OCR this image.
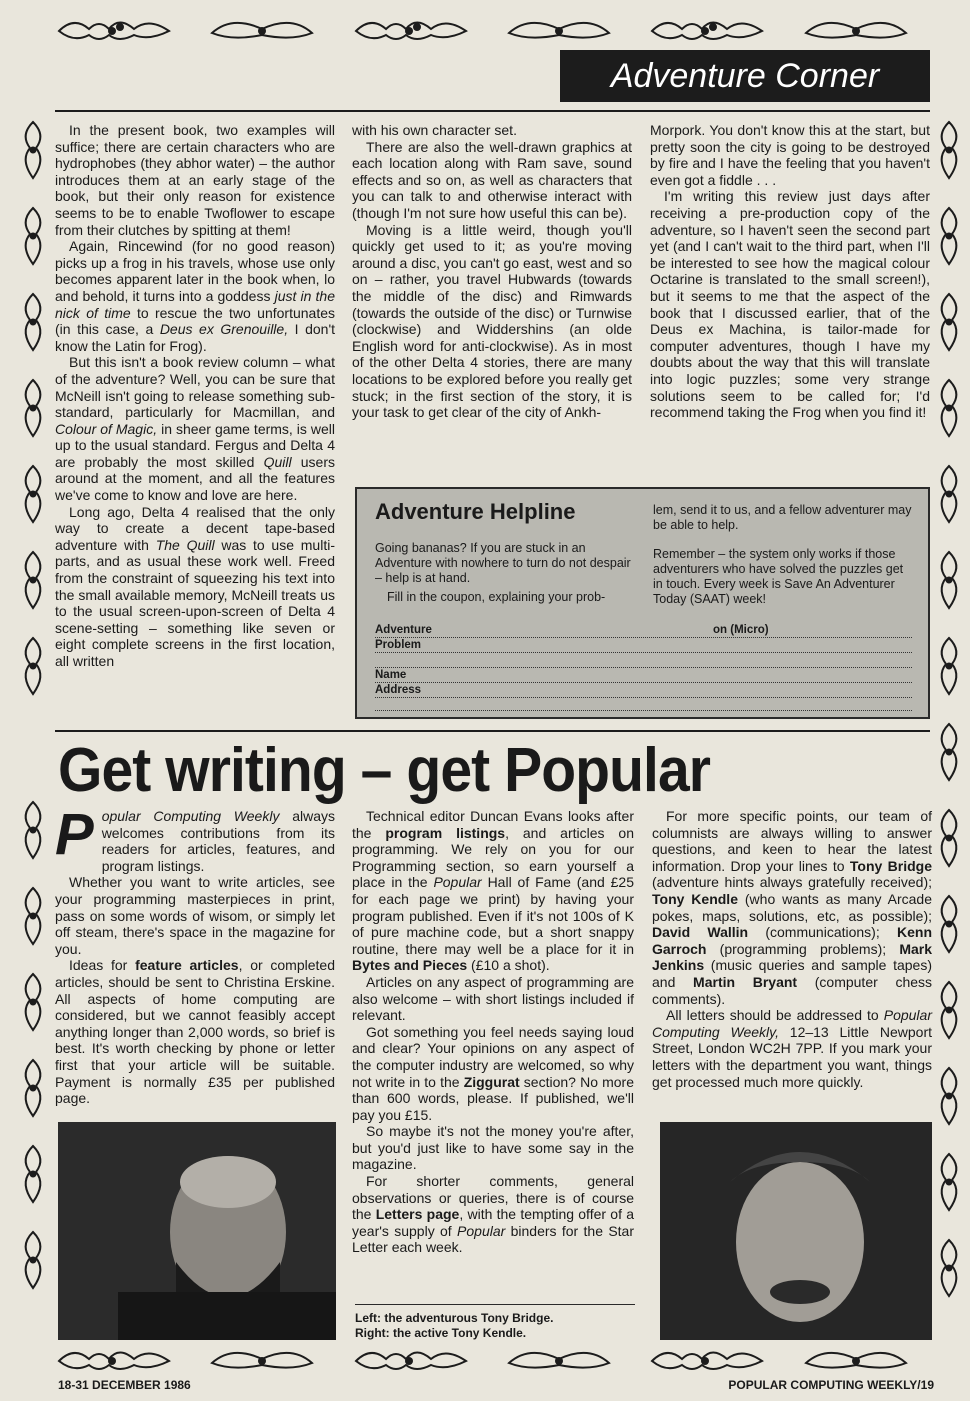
Adventure Corner

In the present book, two examples will suffice; there are certain characters who are hydrophobes (they abhor water) – the author introduces them at an early stage of the book, but their only reason for existence seems to be to enable Twoflower to escape from their clutches by spitting at them!

Again, Rincewind (for no good reason) picks up a frog in his travels, whose use only becomes apparent later in the book when, lo and behold, it turns into a goddess just in the nick of time to rescue the two unfortunates (in this case, a Deus ex Grenouille, I don't know the Latin for Frog).

But this isn't a book review column – what of the adventure? Well, you can be sure that McNeill isn't going to release something sub-standard, particularly for Macmillan, and Colour of Magic, in sheer game terms, is well up to the usual standard. Fergus and Delta 4 are probably the most skilled Quill users around at the moment, and all the features we've come to know and love are here.

Long ago, Delta 4 realised that the only way to create a decent tape-based adventure with The Quill was to use multi-parts, and as usual these work well. Freed from the constraint of squeezing his text into the small available memory, McNeill treats us to the usual screen-upon-screen of Delta 4 scene-setting – something like seven or eight complete screens in the first location, all written

with his own character set.

There are also the well-drawn graphics at each location along with Ram save, sound effects and so on, as well as characters that you can talk to and otherwise interact with (though I'm not sure how useful this can be).

Moving is a little weird, though you'll quickly get used to it; as you're moving around a disc, you can't go east, west and so on – rather, you travel Hubwards (towards the middle of the disc) and Rimwards (towards the outside of the disc) or Turnwise (clockwise) and Widdershins (an olde English word for anti-clockwise). As in most of the other Delta 4 stories, there are many locations to be explored before you really get stuck; in the first section of the story, it is your task to get clear of the city of Ankh-

Morpork. You don't know this at the start, but pretty soon the city is going to be destroyed by fire and I have the feeling that you haven't even got a fiddle . . .

I'm writing this review just days after receiving a pre-production copy of the adventure, so I haven't seen the second part yet (and I can't wait to the third part, when I'll be interested to see how the magical colour Octarine is translated to the small screen!), but it seems to me that the aspect of the book that I discussed earlier, that of the Deus ex Machina, is tailor-made for computer adventures, though I have my doubts about the way that this will translate into logic puzzles; some very strange solutions seem to be called for; I'd recommend taking the Frog when you find it!

Adventure Helpline

Going bananas? If you are stuck in an Adventure with nowhere to turn do not despair – help is at hand.

Fill in the coupon, explaining your prob-

lem, send it to us, and a fellow adventurer may be able to help.

Remember – the system only works if those adventurers who have solved the puzzles get in touch. Every week is Save An Adventurer Today (SAAT) week!

Adventure	on (Micro)
Problem
Name
Address
Get writing – get Popular

Popular Computing Weekly always welcomes contributions from its readers for articles, features, and program listings.

Whether you want to write articles, see your programming masterpieces in print, pass on some words of wisom, or simply let off steam, there's space in the magazine for you.

Ideas for feature articles, or completed articles, should be sent to Christina Erskine. All aspects of home computing are considered, but we cannot feasibly accept anything longer than 2,000 words, so brief is best. It's worth checking by phone or letter first that your article will be suitable. Payment is normally £35 per published page.

Technical editor Duncan Evans looks after the program listings, and articles on programming. We rely on you for our Programming section, so earn yourself a place in the Popular Hall of Fame (and £25 for each page we print) by having your program published. Even if it's not 100s of K of pure machine code, but a short snappy routine, there may well be a place for it in Bytes and Pieces (£10 a shot).

Articles on any aspect of programming are also welcome – with short listings included if relevant.

Got something you feel needs saying loud and clear? Your opinions on any aspect of the computer industry are welcomed, so why not write in to the Ziggurat section? No more than 600 words, please. If published, we'll pay you £15.

So maybe it's not the money you're after, but you'd just like to have some say in the magazine.

For shorter comments, general observations or queries, there is of course the Letters page, with the tempting offer of a year's supply of Popular binders for the Star Letter each week.

For more specific points, our team of columnists are always willing to answer questions, and keen to hear the latest information. Drop your lines to Tony Bridge (adventure hints always gratefully received); Tony Kendle (who wants as many Arcade pokes, maps, solutions, etc, as possible); David Wallin (communications); Kenn Garroch (programming problems); Mark Jenkins (music queries and sample tapes) and Martin Bryant (computer chess comments).

All letters should be addressed to Popular Computing Weekly, 12–13 Little Newport Street, London WC2H 7PP. If you mark your letters with the department you want, things get processed much more quickly.

Left: the adventurous Tony Bridge.
Right: the active Tony Kendle.
18-31 DECEMBER 1986	POPULAR COMPUTING WEEKLY/19
